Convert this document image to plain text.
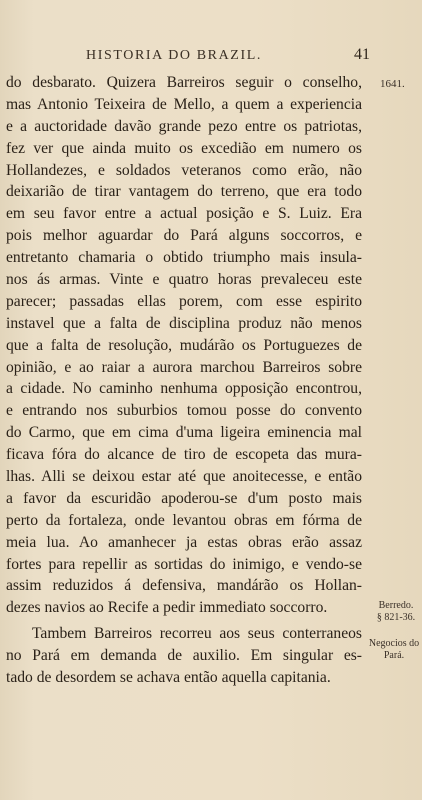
HISTORIA DO BRAZIL.	41
1641.
Berredo.
§ 821-36.
Negocios do
Pará.
do desbarato. Quizera Barreiros seguir o conselho,
mas Antonio Teixeira de Mello, a quem a experiencia
e a auctoridade davão grande pezo entre os patriotas,
fez ver que ainda muito os excedião em numero os
Hollandezes, e soldados veteranos como erão, não
deixarião de tirar vantagem do terreno, que era todo
em seu favor entre a actual posição e S. Luiz. Era
pois melhor aguardar do Pará alguns soccorros, e
entretanto chamaria o obtido triumpho mais insula-
nos ás armas. Vinte e quatro horas prevaleceu este
parecer; passadas ellas porem, com esse espirito
instavel que a falta de disciplina produz não menos
que a falta de resolução, mudárão os Portuguezes de
opinião, e ao raiar a aurora marchou Barreiros sobre
a cidade. No caminho nenhuma opposição encontrou,
e entrando nos suburbios tomou posse do convento
do Carmo, que em cima d'uma ligeira eminencia mal
ficava fóra do alcance de tiro de escopeta das mura-
lhas. Alli se deixou estar até que anoitecesse, e então
a favor da escuridão apoderou-se d'um posto mais
perto da fortaleza, onde levantou obras em fórma de
meia lua. Ao amanhecer ja estas obras erão assaz
fortes para repellir as sortidas do inimigo, e vendo-se
assim reduzidos á defensiva, mandárão os Hollan-
dezes navios ao Recife a pedir immediato soccorro.
Tambem Barreiros recorreu aos seus conterraneos
no Pará em demanda de auxilio. Em singular es-
tado de desordem se achava então aquella capitania.
